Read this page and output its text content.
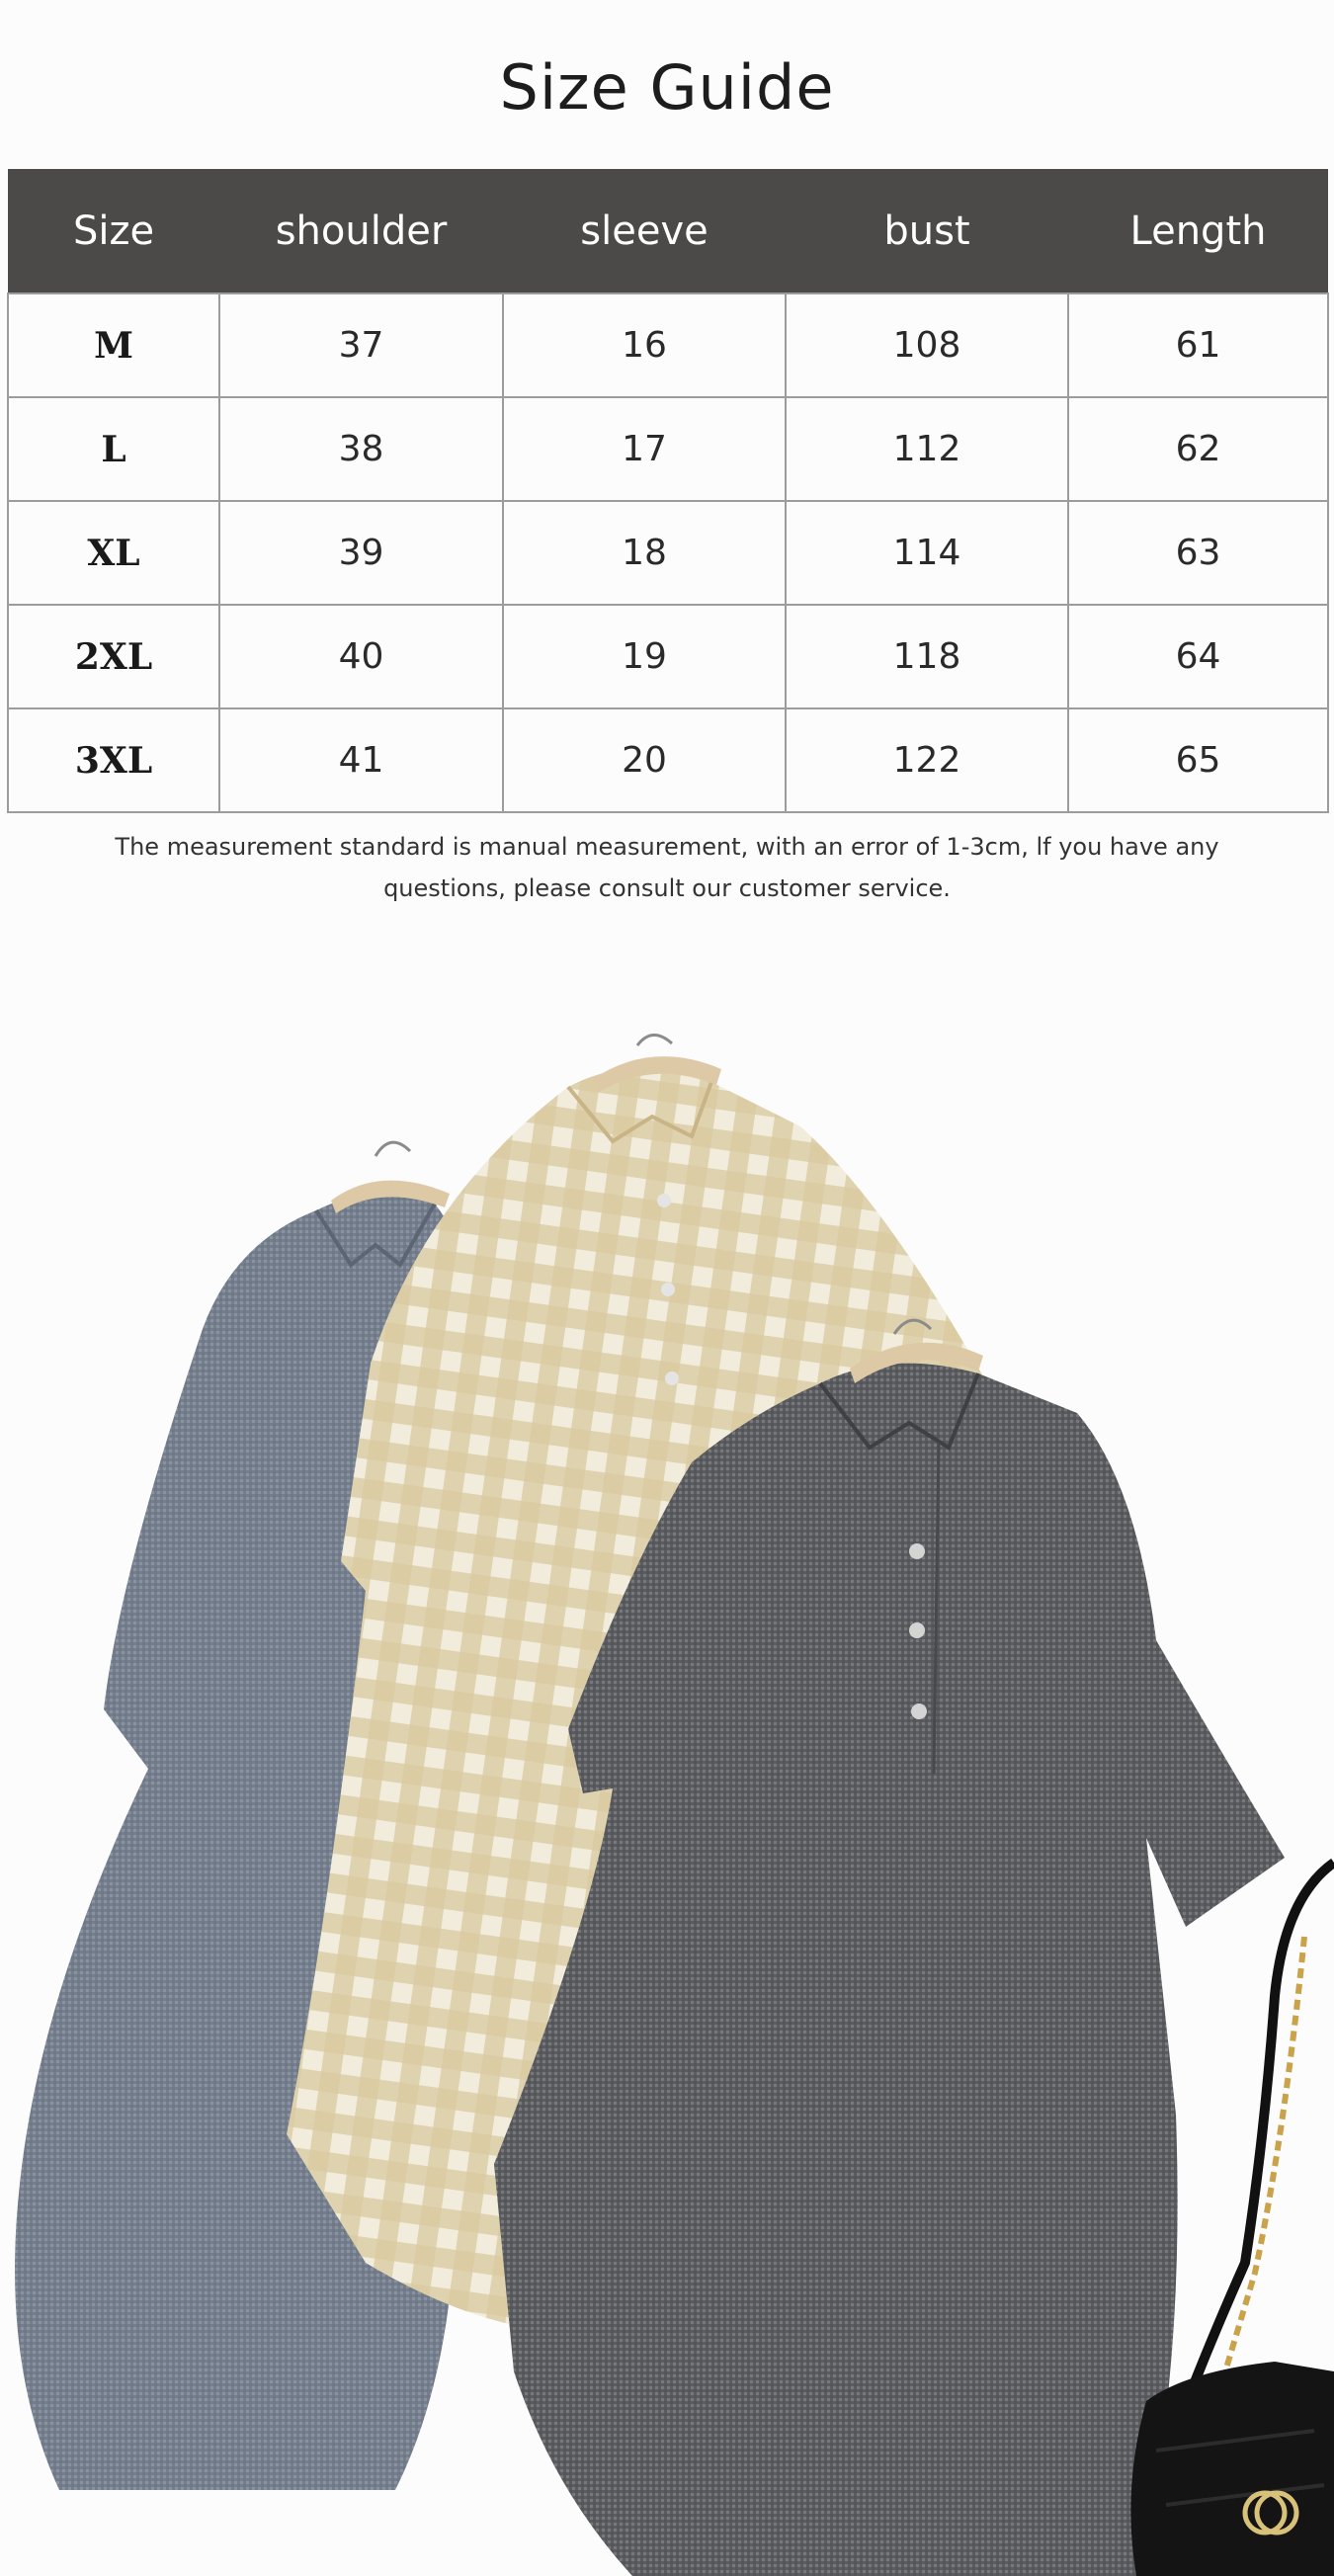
Size Guide
Size	shoulder	sleeve	bust	Length
M	37	16	108	61
L	38	17	112	62
XL	39	18	114	63
2XL	40	19	118	64
3XL	41	20	122	65
The measurement standard is manual measurement, with an error of 1-3cm, lf you have any questions, please consult our customer service.
